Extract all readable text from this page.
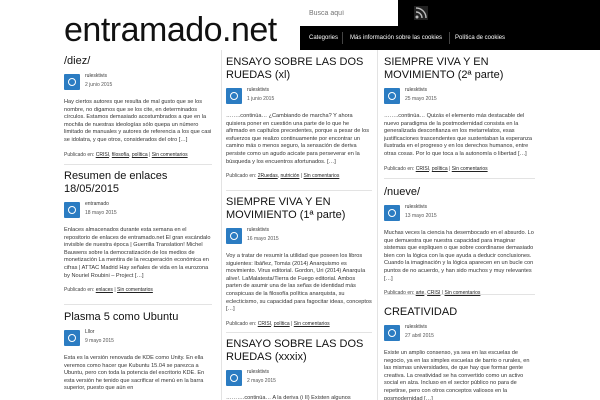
entramado.net
Busca aquí	Categories Más información sobre las cookies Política de cookies
/diez/
rulesktivis
2 junio 2015
Hay ciertos autores que resulta de mal gusto que se los nombre, no digamos que se los cite, en determinados círculos. Estamos demasiado acostumbrados a que en la mochila de nuestras ideologías sólo quepa un número limitado de manuales y autores de referencia a los que casi se idolatra, y que otros, considerados del otro […]
Publicado en: CRISI, filosofía, política | Sin comentarios
Resumen de enlaces 18/05/2015
entramado
18 mayo 2015
Enlaces almacenados durante esta semana en el repositorio de enlaces de entramado.net El gran escándalo invisible de nuestra época | Guerrilla Translation! Michel Bauwens sobre la democratización de los medios de monetización La mentira de la recuperación económica en cifras | ATTAC Madrid Hay señales de vida en la eurozona by Nouriel Roubini – Project […]
Publicado en: enlaces | Sin comentarios
Plasma 5 como Ubuntu
Lllor
9 mayo 2015
Esta es la versión renovada de KDE como Unity. En ella veremos como hacer que Kubuntu 15.04 se parezca a Ubuntu, pero con toda la potencia del escritorio KDE. En esta versión he tenido que sacrificar el menú en la barra superior, puesto que aún en
ENSAYO SOBRE LAS DOS RUEDAS (xl)
rulesktivis
1 junio 2015
……..continúa… ¿Cambiando de marcha? Y ahora quisiera poner en cuestión una parte de lo que he afirmado en capítulos precedentes, porque a pesar de los esfuerzos que realizo continuamente por encontrar un camino más o menos seguro, la sensación de deriva persiste como un agudo acicate para perseverar en la búsqueda y los encuentros afortunados. […]
Publicado en: 2Ruedas, nutrición | Sin comentarios
SIEMPRE VIVA Y EN MOVIMIENTO (1ª parte)
rulesktivis
16 mayo 2015
Voy a tratar de resumir la utilidad que poseen los libros siguientes: Ibáñez, Tomás (2014) Anarquismo es movimiento. Virus editorial. Gordon, Uri (2014) Anarquía alive!. LaMalatesta/Tierra de Fuego editorial. Ambos parten de asumir una de las señas de identidad más conspicuas de la filosofía política anarquista, su eclecticismo, su capacidad para fagocitar ideas, conceptos […]
Publicado en: CRISI, política | Sin comentarios
ENSAYO SOBRE LAS DOS RUEDAS (xxxix)
rulesktivis
2 mayo 2015
……….continúa… A la deriva (i II) Existen algunos
SIEMPRE VIVA Y EN MOVIMIENTO (2ª parte)
rulesktivis
25 mayo 2015
……..continúa… Quizás el elemento más destacable del nuevo paradigma de la postmodernidad consista en la generalizada desconfianza en los metarrelatos, esas justificaciones trascendentes que sustentaban la esperanza ilustrada en el progreso y en los derechos humanos, entre otras cosas. Por lo que toca a la autonomía o libertad […]
Publicado en: CRISI, política | Sin comentarios
/nueve/
rulesktivis
13 mayo 2015
Muchas veces la ciencia ha desembocado en el absurdo. Lo que demuestra que nuestra capacidad para imaginar sistemas que expliquen o que sobre coordinarse demasiado bien con la lógica con la que ayuda a deducir conclusiones. Cuando la imaginación y la lógica aparecen en un bucle con puntos de no acuerdo, y han sido muchos y muy relevantes […]
CREATIVIDAD
rulesktivis
27 abril 2015
Existe un amplio consenso, ya sea en las escuelas de negocio, ya en las simples escuelas de barrio o rurales, en las mismas universidades, de que hay que formar gente creativa. La creatividad se ha convertido como un activo social en alza. Incluso en el sector público no para de repetirse, pero con otros conceptos valiosos en la posmodernidad […]
